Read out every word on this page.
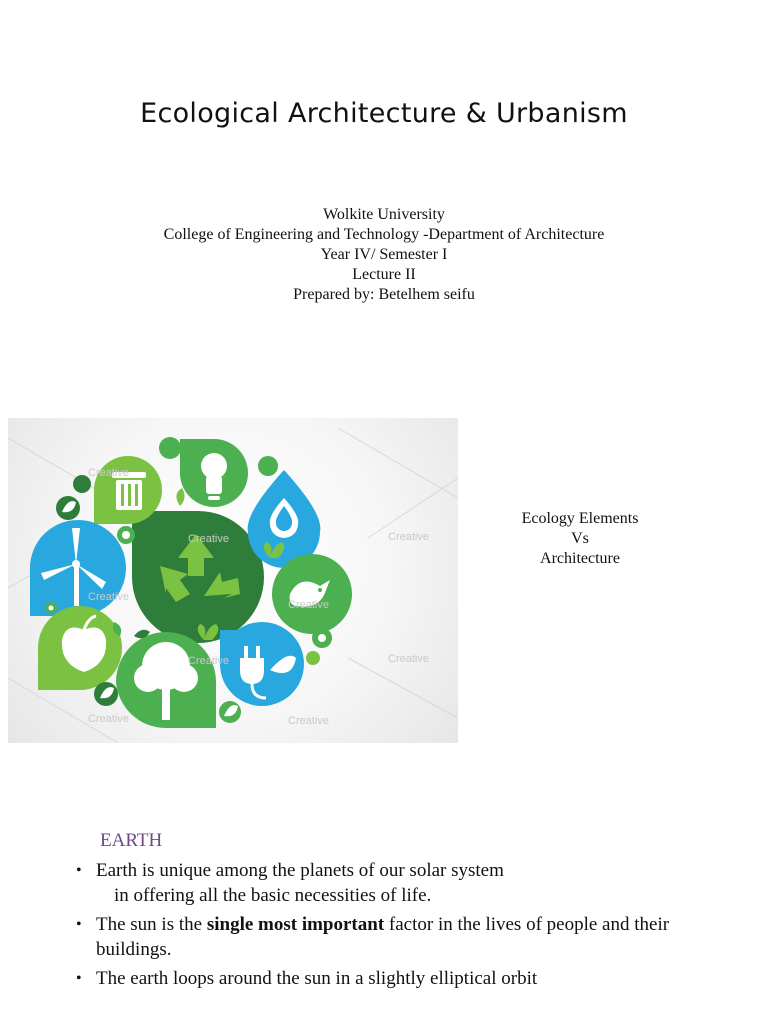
Ecological Architecture & Urbanism
Wolkite University
College of Engineering and Technology -Department of Architecture
Year IV/ Semester I
Lecture II
Prepared by: Betelhem seifu
Creative
Creative	Creative
Creative
Creative
Creative
Creative
Creative	Creative
Ecology Elements
Vs
Architecture
EARTH
• Earth is unique among the planets of our solar system
in offering all the basic necessities of life.
• The sun is the single most important factor in the lives of people and their buildings.
• The earth loops around the sun in a slightly elliptical orbit
